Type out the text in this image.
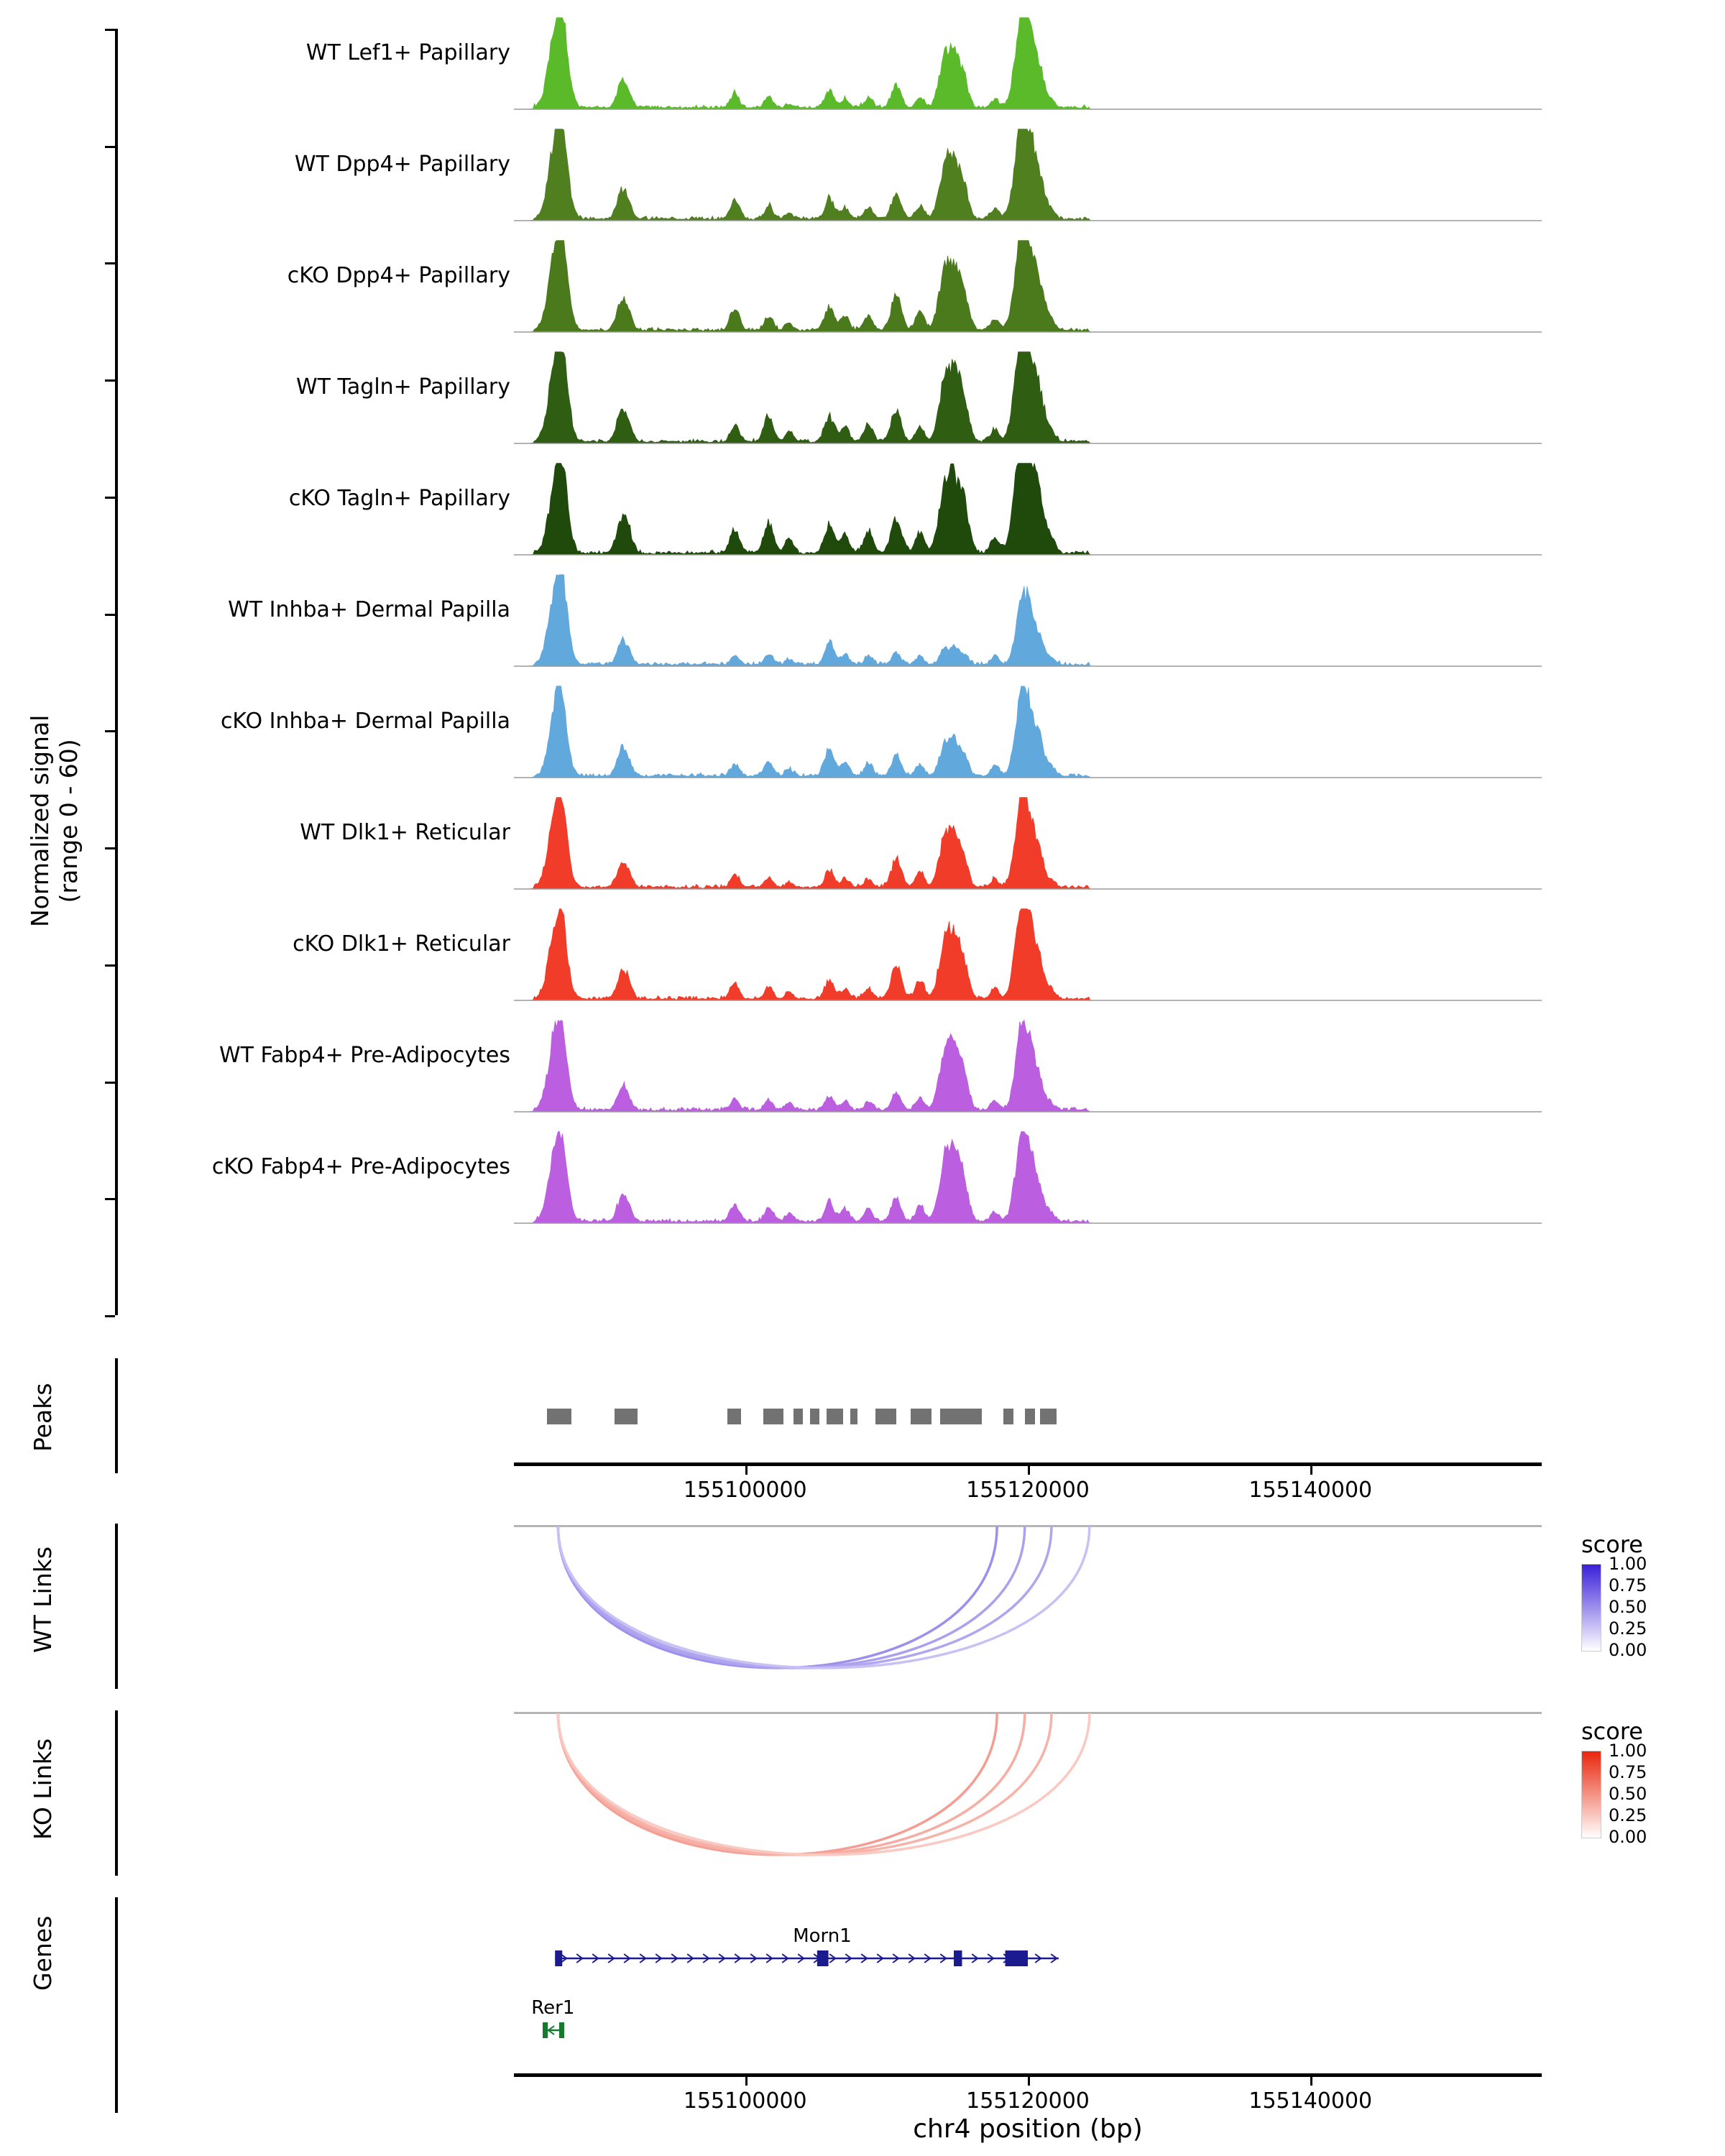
Normalized signal
(range 0 - 60)
WT Lef1+ Papillary
WT Dpp4+ Papillary
cKO Dpp4+ Papillary
WT Tagln+ Papillary
cKO Tagln+ Papillary
WT Inhba+ Dermal Papilla
cKO Inhba+ Dermal Papilla
WT Dlk1+ Reticular
cKO Dlk1+ Reticular
WT Fabp4+ Pre-Adipocytes
cKO Fabp4+ Pre-Adipocytes
Peaks
155100000	155120000	155140000
WT Links
score
1.00
0.75
0.50
0.25
0.00
KO Links
score
1.00
0.75
0.50
0.25
0.00
Genes	Morn1
Rer1
155100000	155120000	155140000
chr4 position (bp)
